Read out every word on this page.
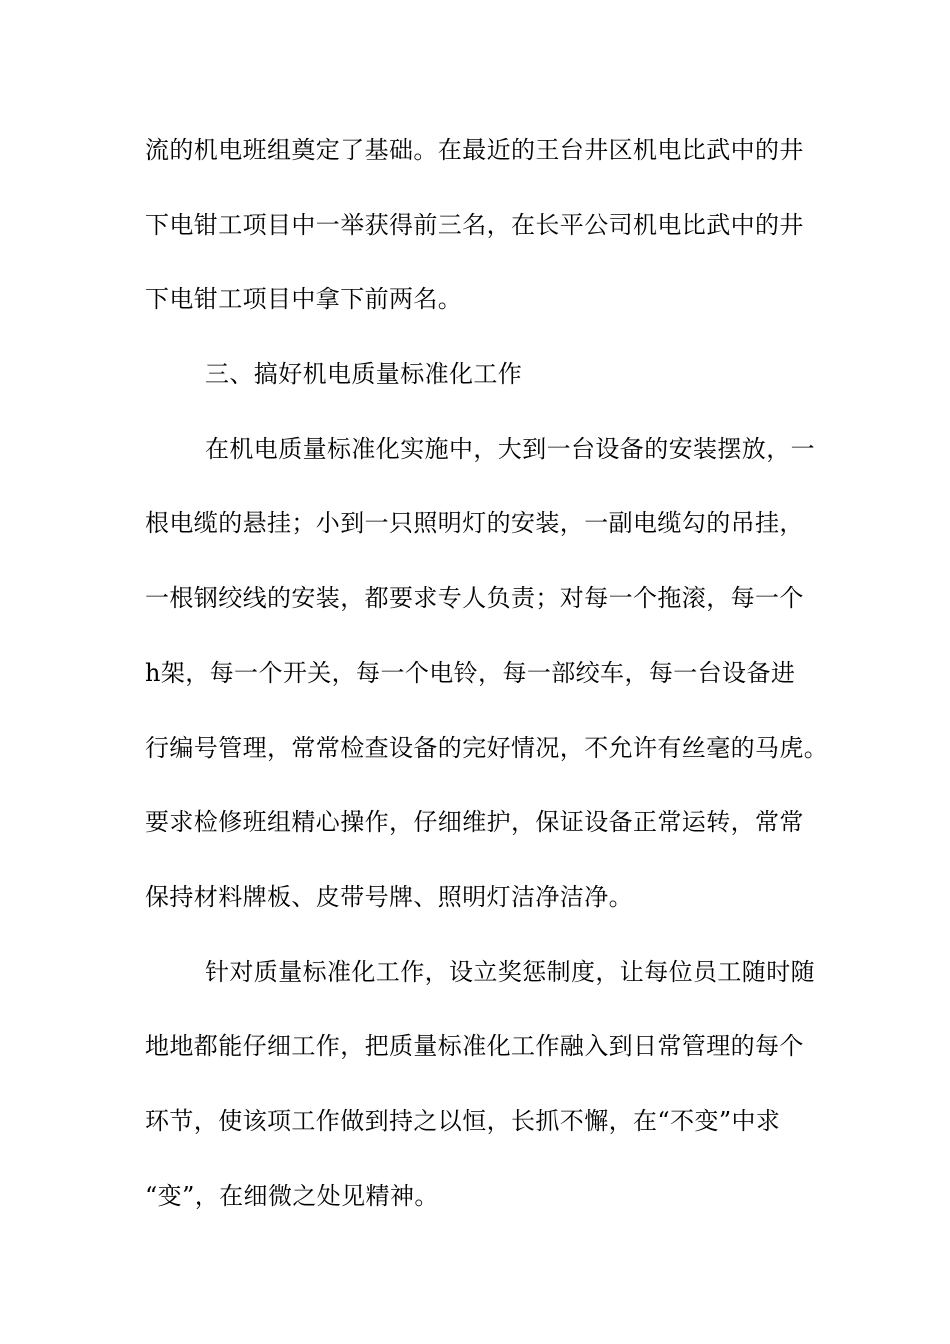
流的机电班组奠定了基础。在最近的王台井区机电比武中的井
下电钳工项目中一举获得前三名，在长平公司机电比武中的井
下电钳工项目中拿下前两名。
三、搞好机电质量标准化工作
在机电质量标准化实施中，大到一台设备的安装摆放，一
根电缆的悬挂；小到一只照明灯的安装，一副电缆勾的吊挂，
一根钢绞线的安装，都要求专人负责；对每一个拖滚，每一个
h架，每一个开关，每一个电铃，每一部绞车，每一台设备进
行编号管理，常常检查设备的完好情况，不允许有丝毫的马虎。
要求检修班组精心操作，仔细维护，保证设备正常运转，常常
保持材料牌板、皮带号牌、照明灯洁净洁净。
针对质量标准化工作，设立奖惩制度，让每位员工随时随
地地都能仔细工作，把质量标准化工作融入到日常管理的每个
环节，使该项工作做到持之以恒，长抓不懈，在“不变”中求
“变”，在细微之处见精神。
